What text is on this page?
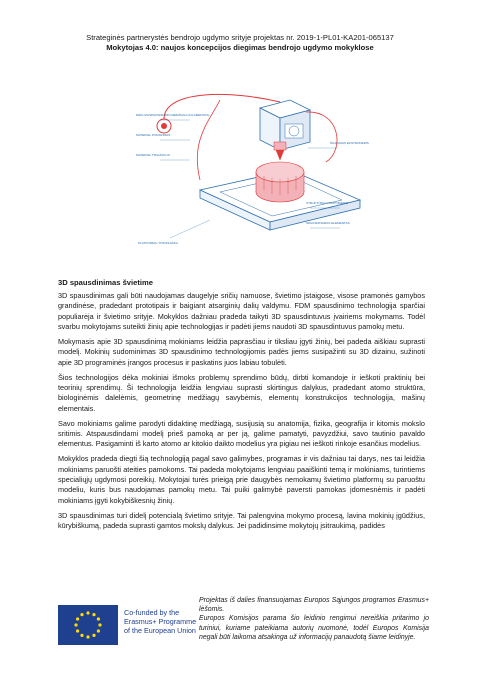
Strateginės partnerystės bendrojo ugdymo srityje projektas nr. 2019-1-PL01-KA201-065137
Mokytojas 4.0: naujos koncepcijos diegimas bendrojo ugdymo mokyklose
DĖKLAS/SPAUSDINIMO MEDŽIAGA (FILAMENTAS)
MATERIAL PODAVIMAS
MATERIAL TRAUKIKLIS
ŠILDOMAS EKSTRUDERIS
STRUKTŪRA/ PODPORIENIE
SPAUSDINAMAS ELEMENTAS
PLATFORMA / PODKŁADKA
3D spausdinimas švietime

3D spausdinimas gali būti naudojamas daugelyje sričių namuose, švietimo įstaigose, visose pramonės gamybos grandinėse, pradedant prototipais ir baigiant atsarginių dalių valdymu. FDM spausdinimo technologija sparčiai populiarėja ir švietimo srityje. Mokyklos dažniau pradeda taikyti 3D spausdintuvus įvairiems mokymams. Todėl svarbu mokytojams suteikti žinių apie technologijas ir padėti jiems naudoti 3D spausdintuvus pamokų metu.

Mokymasis apie 3D spausdinimą mokiniams leidžia paprasčiau ir tiksliau įgyti žinių, bei padeda aiškiau suprasti modelį. Mokinių sudominimas 3D spausdinimo technologijomis padės jiems susipažinti su 3D dizainu, sužinoti apie 3D programinės įrangos procesus ir paskatins juos labiau tobulėti.

Šios technologijos dėka mokiniai išmoks problemų sprendimo būdų, dirbti komandoje ir ieškoti praktinių bei teorinių sprendimų. Ši technologija leidžia lengviau suprasti skirtingus dalykus, pradedant atomo struktūra, biologinėmis dalelėmis, geometrinę medžiagų savybėmis, elementų konstrukcijos technologija, mašinų elementais.

Savo mokiniams galime parodyti didaktinę medžiagą, susijusią su anatomija, fizika, geografija ir kitomis mokslo sritimis. Atspausdindami modelį prieš pamoką ar per ją, galime pamatyti, pavyzdžiui, savo tautinio pavaldo elementus. Pasigaminti iš karto atomo ar kitokio daikto modelius yra pigiau nei ieškoti rinkoje esančius modelius.

Mokyklos pradeda diegti šią technologiją pagal savo galimybes, programas ir vis dažniau tai darys, nes tai leidžia mokiniams paruošti ateities pamokoms. Tai padeda mokytojams lengviau paaiškinti temą ir mokiniams, turintiems specialiųjų ugdymosi poreikių. Mokytojai turės prieigą prie daugybės nemokamų švietimo platformų su paruoštu modeliu, kuris bus naudojamas pamokų metu. Tai puiki galimybė paversti pamokas įdomesnėmis ir padėti mokiniams įgyti kokybiškesnių žinių.

3D spausdinimas turi didelį potencialą švietimo srityje. Tai palengvina mokymo procesą, lavina mokinių įgūdžius, kūrybiškumą, padeda suprasti gamtos mokslų dalykus. Jei padidinsime mokytojų įsitraukimą, padidės

Co-funded by the
Erasmus+ Programme
of the European Union
Projektas iš dalies finansuojamas Europos Sąjungos programos Erasmus+ lėšomis.
Europos Komisijos parama šio leidinio rengimui nereiškia pritarimo jo turiniui, kuriame pateikiama autorių nuomonė, todėl Europos Komisija negali būti laikoma atsakinga už informacijų panaudotą šiame leidinyje.
